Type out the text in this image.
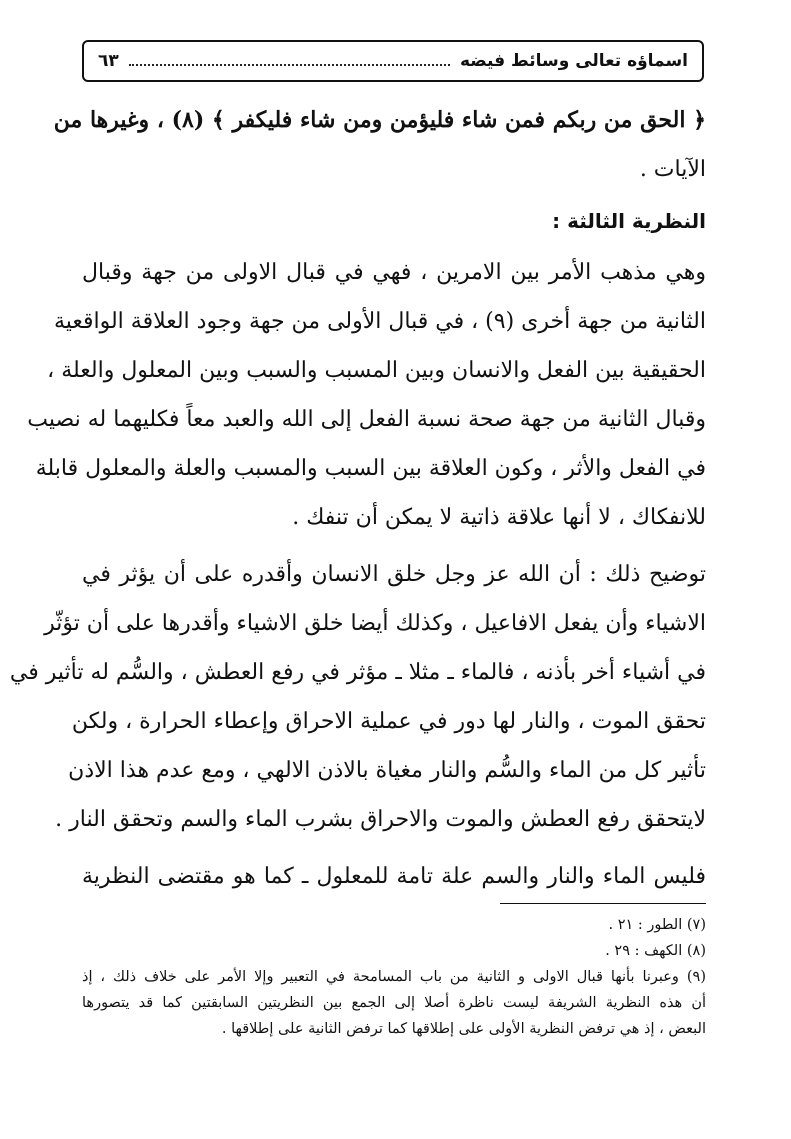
اسماؤه تعالى وسائط فيضه
٦٣
﴿ الحق من ربكم فمن شاء فليؤمن ومن شاء فليكفر ﴾ (٨) ، وغيرها من
الآيات .
النظرية الثالثة :
وهي مذهب الأمر بين الامرين ، فهي في قبال الاولى من جهة وقبال
الثانية من جهة أخرى (٩) ، في قبال الأولى من جهة وجود العلاقة الواقعية
الحقيقية بين الفعل والانسان وبين المسبب والسبب وبين المعلول والعلة ،
وقبال الثانية من جهة صحة نسبة الفعل إلى الله والعبد معاً فكليهما له نصيب
في الفعل والأثر ، وكون العلاقة بين السبب والمسبب والعلة والمعلول قابلة
للانفكاك ، لا أنها علاقة ذاتية لا يمكن أن تنفك .
توضيح ذلك : أن الله عز وجل خلق الانسان وأقدره على أن يؤثر في
الاشياء وأن يفعل الافاعيل ، وكذلك أيضا خلق الاشياء وأقدرها على أن تؤثّر
في أشياء أخر بأذنه ، فالماء ـ مثلا ـ مؤثر في رفع العطش ، والسُّم له تأثير في
تحقق الموت ، والنار لها دور في عملية الاحراق وإعطاء الحرارة ، ولكن
تأثير كل من الماء والسُّم والنار مغياة بالاذن الالهي ، ومع عدم هذا الاذن
لايتحقق رفع العطش والموت والاحراق بشرب الماء والسم وتحقق النار .
فليس الماء والنار والسم علة تامة للمعلول ـ كما هو مقتضى النظرية
(٧) الطور : ٢١ .
(٨) الكهف : ٢٩ .
(٩) وعبرنا بأنها قبال الاولى و الثانية من باب المسامحة في التعبير وإلا الأمر على خلاف ذلك ، إذ
أن هذه النظرية الشريفة ليست ناظرة أصلا إلى الجمع بين النظريتين السابقتين كما قد يتصورها
البعض ، إذ هي ترفض النظرية الأولى على إطلاقها كما ترفض الثانية على إطلاقها .
